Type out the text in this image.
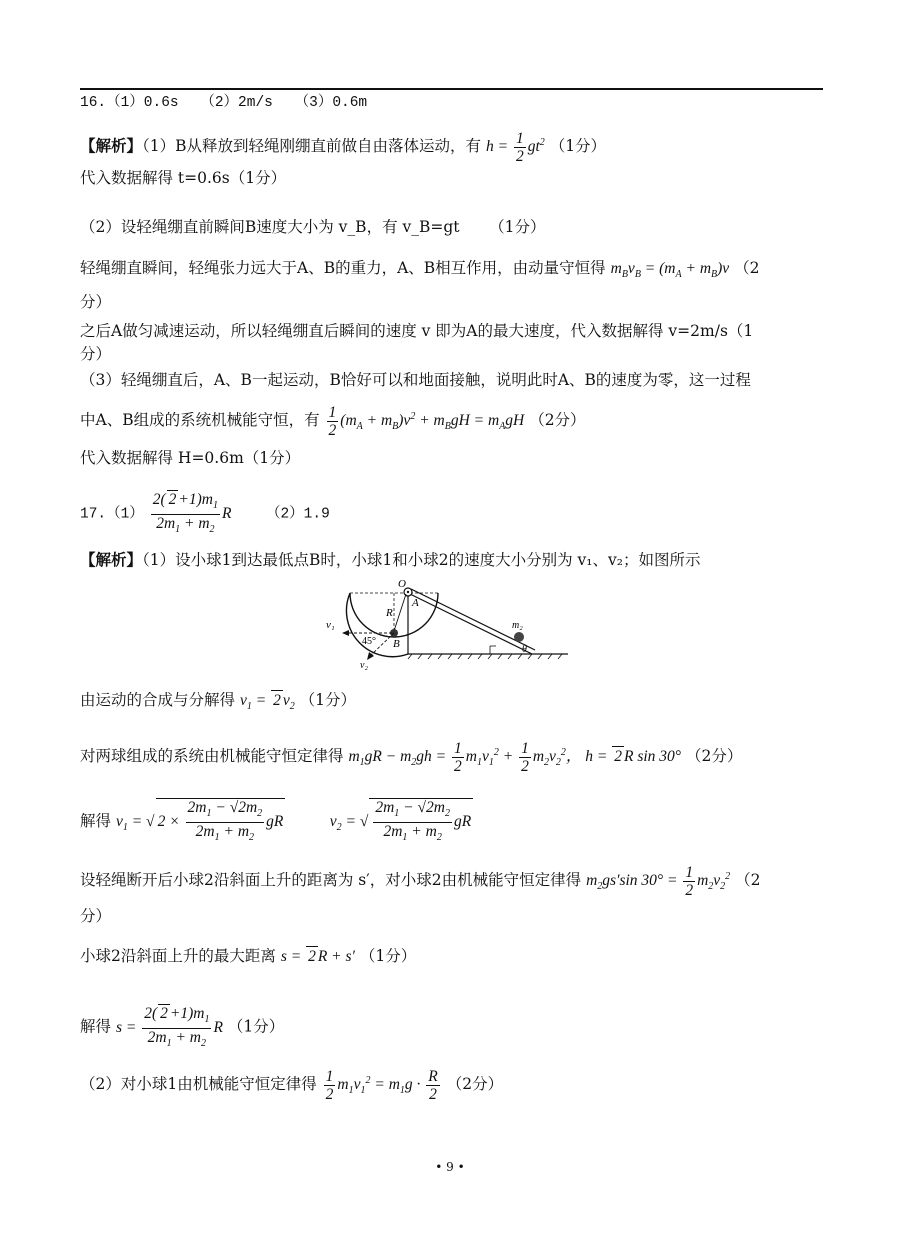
16.（1）0.6s　　（2）2m/s　　（3）0.6m
【解析】（1）B从释放到轻绳刚绷直前做自由落体运动，有 $h = \frac{1}{2} gt^2$ （1分）
代入数据解得 t=0.6s（1分）
（2）设轻绳绷直前瞬间B速度大小为 v_B，有 v_B=gt （1分）
轻绳绷直瞬间，轻绳张力远大于A、B的重力，A、B相互作用，由动量守恒得 $m_Bv_B = (m_A + m_B)v$ （2
分）
之后A做匀减速运动，所以轻绳绷直后瞬间的速度 v 即为A的最大速度，代入数据解得 v=2m/s（1
分）
（3）轻绳绷直后，A、B一起运动，B恰好可以和地面接触，说明此时A、B的速度为零，这一过程
中A、B组成的系统机械能守恒，有 $\frac{1}{2} (m_A + m_B)v^2 + m_BgH = m_AgH$ （2分）
代入数据解得 H=0.6m（1分）
$17.(1) \frac{2( 2 +1)m_1}{2m_1 + m_2}$ R （2）1.9
【解析】（1）设小球1到达最低点B时，小球1和小球2的速度大小分别为 v₁、v₂；如图所示
O
R
A
B
v₁
v₂
45°
m₂
θ
由运动的合成与分解得 $v_1 = 2$ $v_2$ （1分）
对两球组成的系统由机械能守恒定律得 $m_1gR - m_2gh = \frac{1}{2} m_1v_1^2 + \frac{1}{2} m_2v_2^2$， h = 2 R sin 30° （2分）
解得 $v_1$ = √ $2 \times \frac{2m_1 - √2m_2}{2m_1 + m_2}$ gR	$v_2$ = √ $\frac{2m_1 - √2m_2}{2m_1 + m_2}$ gR
设轻绳断开后小球2沿斜面上升的距离为 s′，对小球2由机械能守恒定律得 $m_2gs'\sin$ $30^\circ = \frac{1}{2} m_2v_2^2$ （2
分）
小球2沿斜面上升的最大距离 s = 2 R + s′ （1分）
解得 $s = \frac{2( 2 +1)m_1}{2m_1 + m_2}$ R （1分）
（2）对小球1由机械能守恒定律得 $\frac{1}{2} m_1v_1^2 = m_1g \cdot \frac{R}{2} (2$分）
• 9 •
